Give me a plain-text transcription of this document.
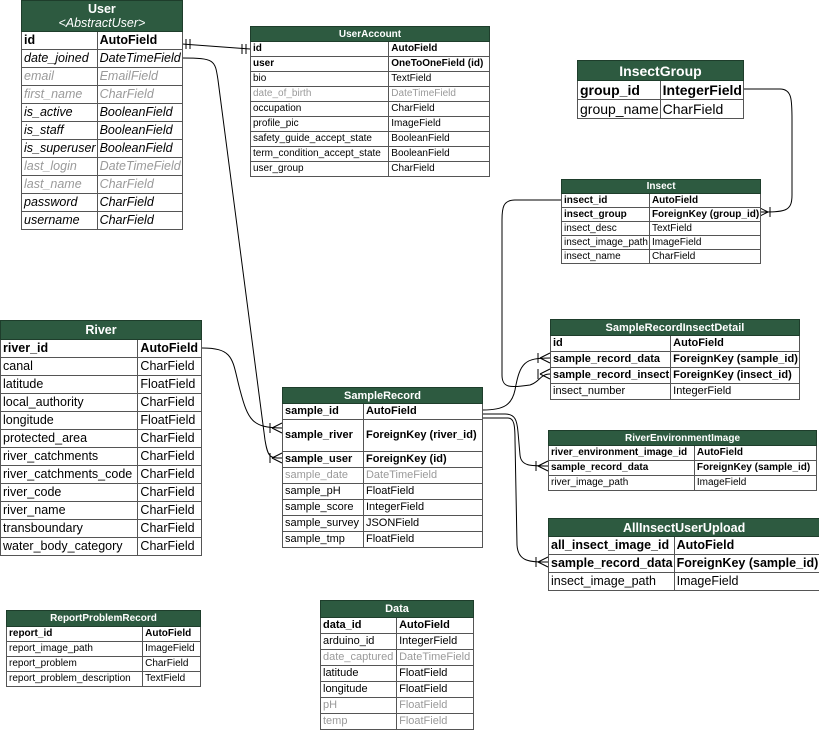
User
<AbstractUser>	

id	AutoField
date_joined	DateTimeField
email	EmailField
first_name	CharField
is_active	BooleanField
is_staff	BooleanField
is_superuser	BooleanField
last_login	DateTimeField
last_name	CharField
password	CharField
username	CharField
UserAccount	
id	AutoField
user	OneToOneField (id)
bio	TextField
date_of_birth	DateTimeField
occupation	CharField
profile_pic	ImageField
safety_guide_accept_state	BooleanField
term_condition_accept_state	BooleanField
user_group	CharField
InsectGroup	
group_id	IntegerField
group_name	CharField
Insect	
insect_id	AutoField
insect_group	ForeignKey (group_id)
insect_desc	TextField
insect_image_path	ImageField
insect_name	CharField
River	
river_id	AutoField
canal	CharField
latitude	FloatField
local_authority	CharField
longitude	FloatField
protected_area	CharField
river_catchments	CharField
river_catchments_code	CharField
river_code	CharField
river_name	CharField
transboundary	CharField
water_body_category	CharField
SampleRecordInsectDetail	
id	AutoField
sample_record_data	ForeignKey (sample_id)
sample_record_insect	ForeignKey (insect_id)
insect_number	IntegerField
SampleRecord	
sample_id	AutoField
sample_river	ForeignKey (river_id)
sample_user	ForeignKey (id)
sample_date	DateTimeField
sample_pH	FloatField
sample_score	IntegerField
sample_survey	JSONField
sample_tmp	FloatField
RiverEnvironmentImage	
river_environment_image_id	AutoField
sample_record_data	ForeignKey (sample_id)
river_image_path	ImageField
AllInsectUserUpload	
all_insect_image_id	AutoField
sample_record_data	ForeignKey (sample_id)
insect_image_path	ImageField
ReportProblemRecord	
report_id	AutoField
report_image_path	ImageField
report_problem	CharField
report_problem_description	TextField
Data	
data_id	AutoField
arduino_id	IntegerField
date_captured	DateTimeField
latitude	FloatField
longitude	FloatField
pH	FloatField
temp	FloatField
